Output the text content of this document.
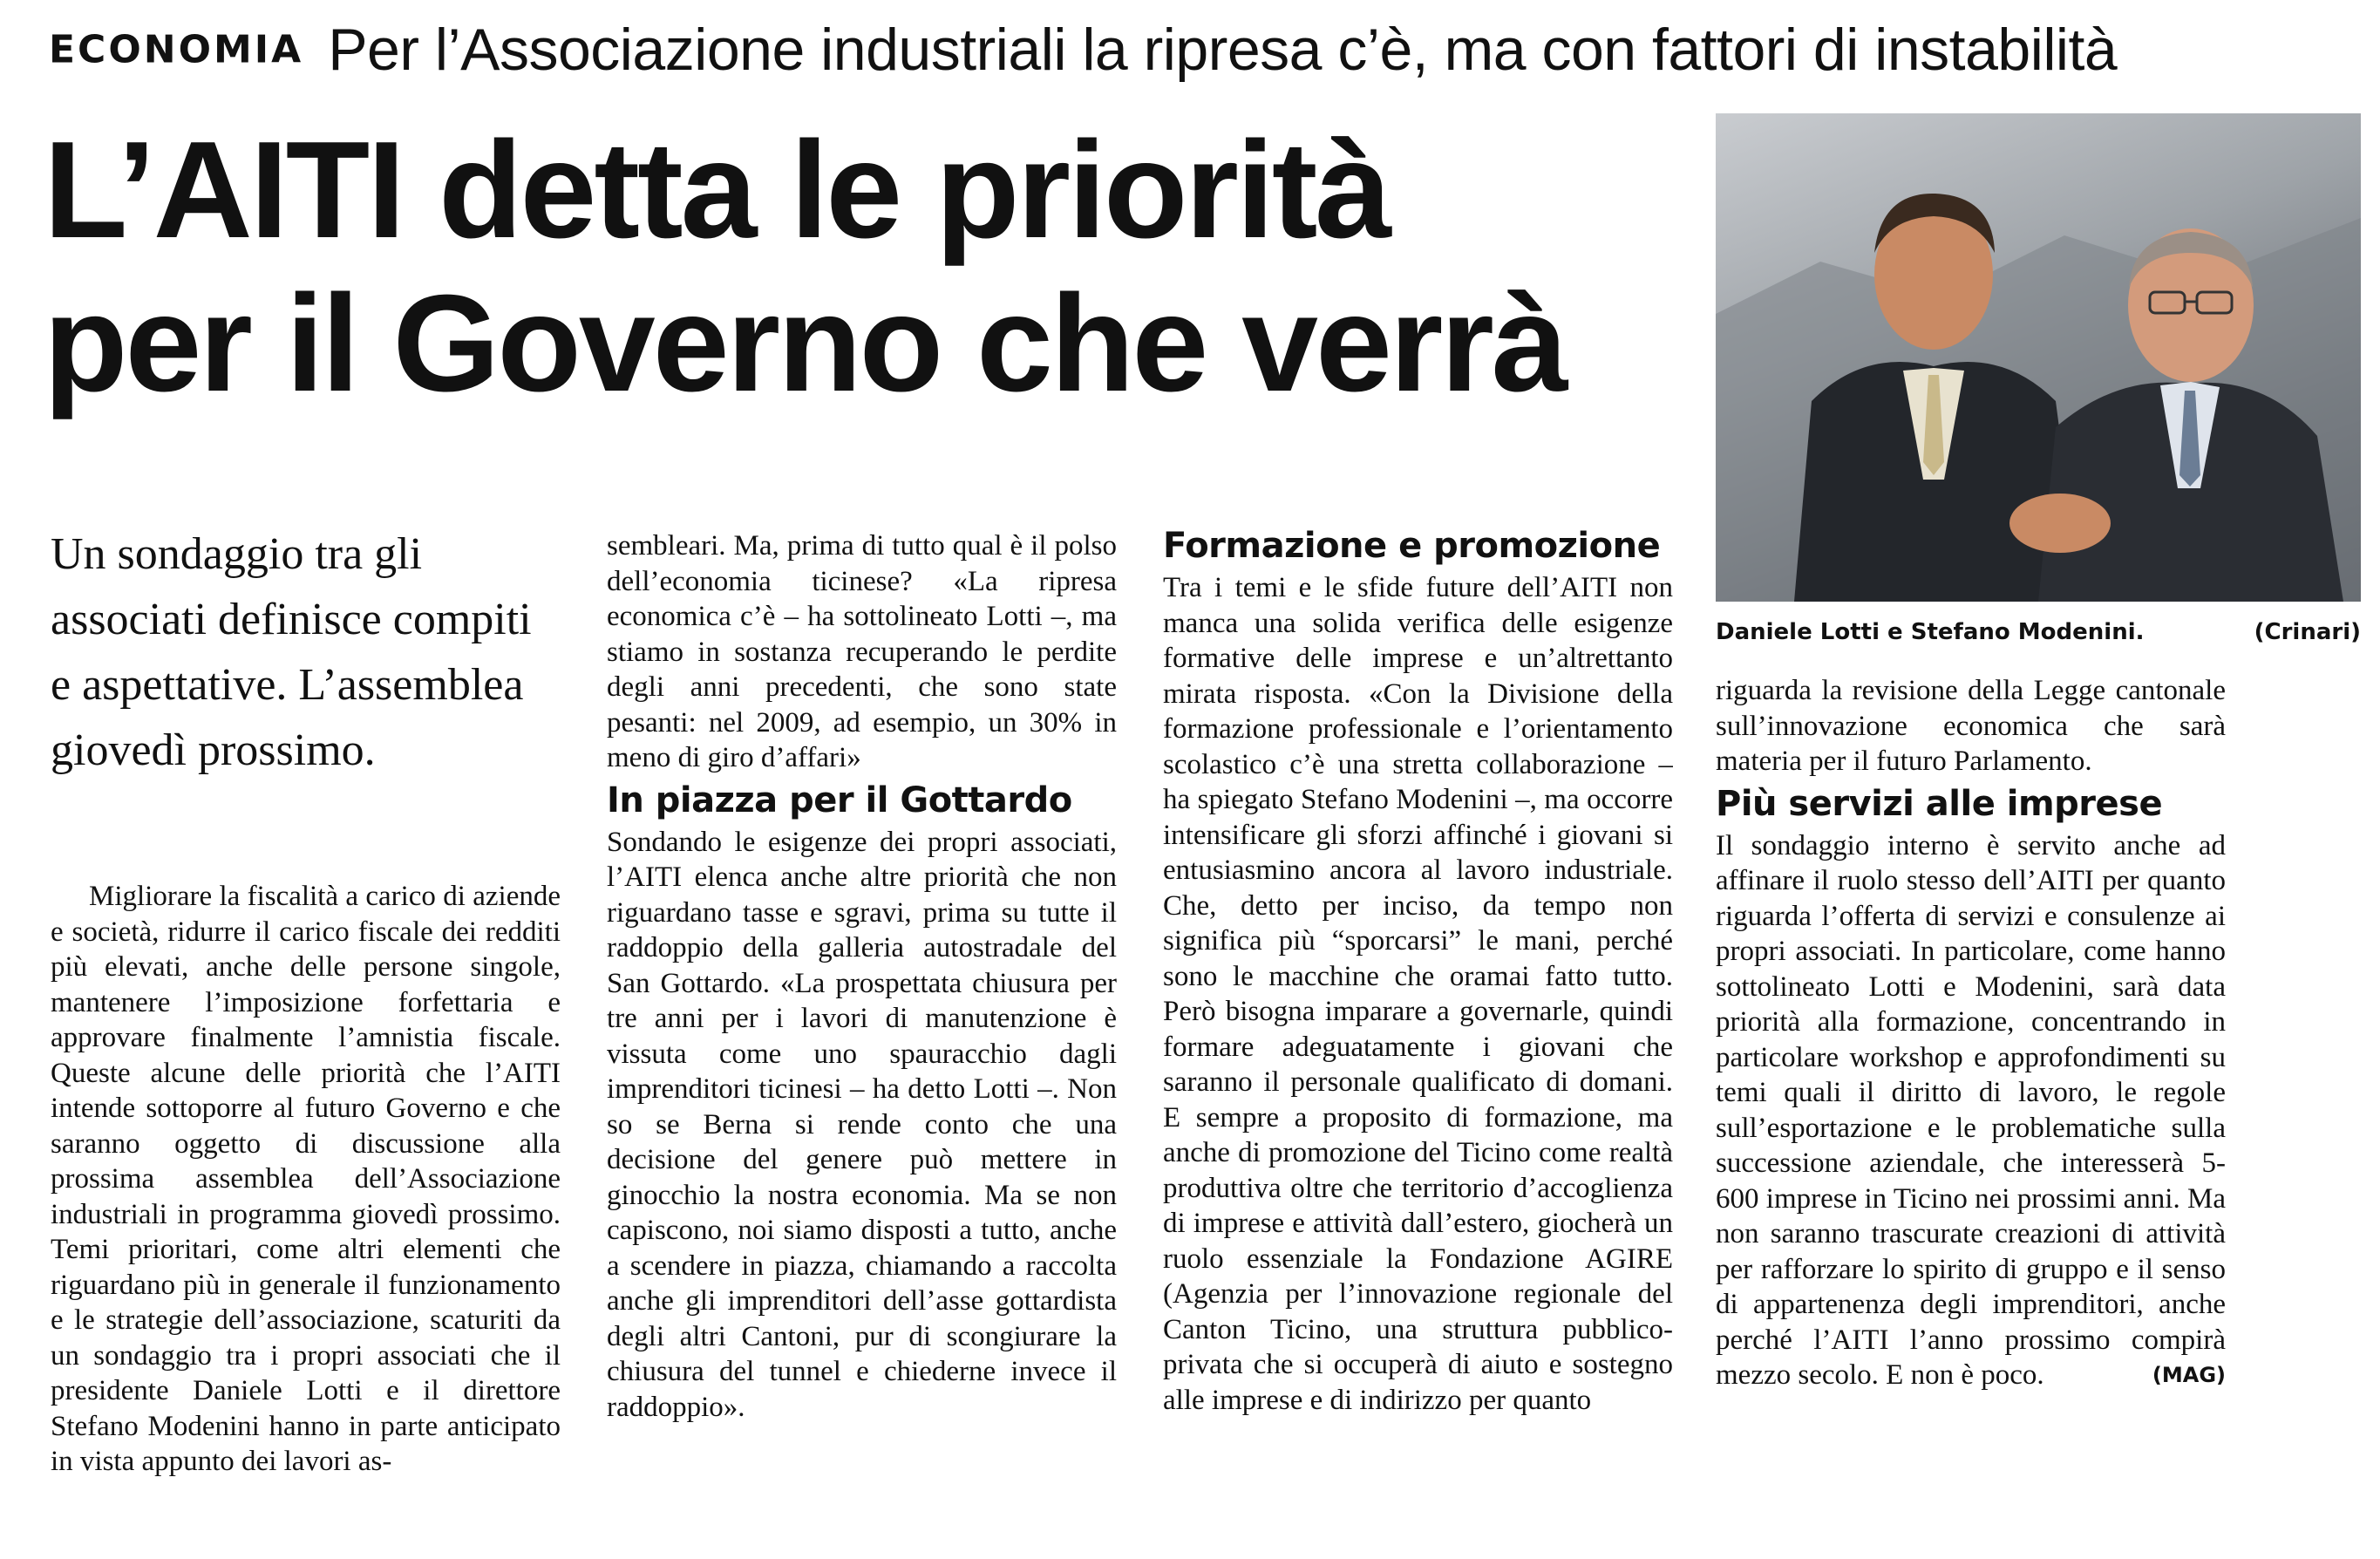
ECONOMIA Per l’Associazione industriali la ripresa c’è, ma con fattori di instabilità
L’AITI detta le priorità
per il Governo che verrà
Daniele Lotti e Stefano Modenini.	(Crinari)
Un sondaggio tra gli associati definisce compiti e aspettative. L’assemblea giovedì prossimo.

Migliorare la fiscalità a carico di aziende e società, ridurre il carico fiscale dei redditi più elevati, anche delle persone singole, mantenere l’imposizione forfettaria e approvare finalmente l’amnistia fiscale. Queste alcune delle priorità che l’AITI intende sottoporre al futuro Governo e che saranno oggetto di discussione alla prossima assemblea dell’Associazione industriali in programma giovedì prossimo. Temi prioritari, come altri elementi che riguardano più in generale il funzionamento e le strategie dell’associazione, scaturiti da un sondaggio tra i propri associati che il presidente Daniele Lotti e il direttore Stefano Modenini hanno in parte anticipato in vista appunto dei lavori as-

sembleari. Ma, prima di tutto qual è il polso dell’economia ticinese? «La ripresa economica c’è – ha sottolineato Lotti –, ma stiamo in sostanza recuperando le perdite degli anni precedenti, che sono state pesanti: nel 2009, ad esempio, un 30% in meno di giro d’affari»

In piazza per il Gottardo

Sondando le esigenze dei propri associati, l’AITI elenca anche altre priorità che non riguardano tasse e sgravi, prima su tutte il raddoppio della galleria autostradale del San Gottardo. «La prospettata chiusura per tre anni per i lavori di manutenzione è vissuta come uno spauracchio dagli imprenditori ticinesi – ha detto Lotti –. Non so se Berna si rende conto che una decisione del genere può mettere in ginocchio la nostra economia. Ma se non capiscono, noi siamo disposti a tutto, anche a scendere in piazza, chiamando a raccolta anche gli imprenditori dell’asse gottardista degli altri Cantoni, pur di scongiurare la chiusura del tunnel e chiederne invece il raddoppio».

Formazione e promozione

Tra i temi e le sfide future dell’AITI non manca una solida verifica delle esigenze formative delle imprese e un’altrettanto mirata risposta. «Con la Divisione della formazione professionale e l’orientamento scolastico c’è una stretta collaborazione – ha spiegato Stefano Modenini –, ma occorre intensificare gli sforzi affinché i giovani si entusiasmino ancora al lavoro industriale. Che, detto per inciso, da tempo non significa più “sporcarsi” le mani, perché sono le macchine che oramai fatto tutto. Però bisogna imparare a governarle, quindi formare adeguatamente i giovani che saranno il personale qualificato di domani. E sempre a proposito di formazione, ma anche di promozione del Ticino come realtà produttiva oltre che territorio d’accoglienza di imprese e attività dall’estero, giocherà un ruolo essenziale la Fondazione AGIRE (Agenzia per l’innovazione regionale del Canton Ticino, una struttura pubblico-privata che si occuperà di aiuto e sostegno alle imprese e di indirizzo per quanto

riguarda la revisione della Legge cantonale sull’innovazione economica che sarà materia per il futuro Parlamento.

Più servizi alle imprese

Il sondaggio interno è servito anche ad affinare il ruolo stesso dell’AITI per quanto riguarda l’offerta di servizi e consulenze ai propri associati. In particolare, come hanno sottolineato Lotti e Modenini, sarà data priorità alla formazione, concentrando in particolare workshop e approfondimenti su temi quali il diritto di lavoro, le regole sull’esportazione e le problematiche sulla successione aziendale, che interesserà 5-600 imprese in Ticino nei prossimi anni. Ma non saranno trascurate creazioni di attività per rafforzare lo spirito di gruppo e il senso di appartenenza degli imprenditori, anche perché l’AITI l’anno prossimo compirà mezzo secolo. E non è poco.	(MAG)
